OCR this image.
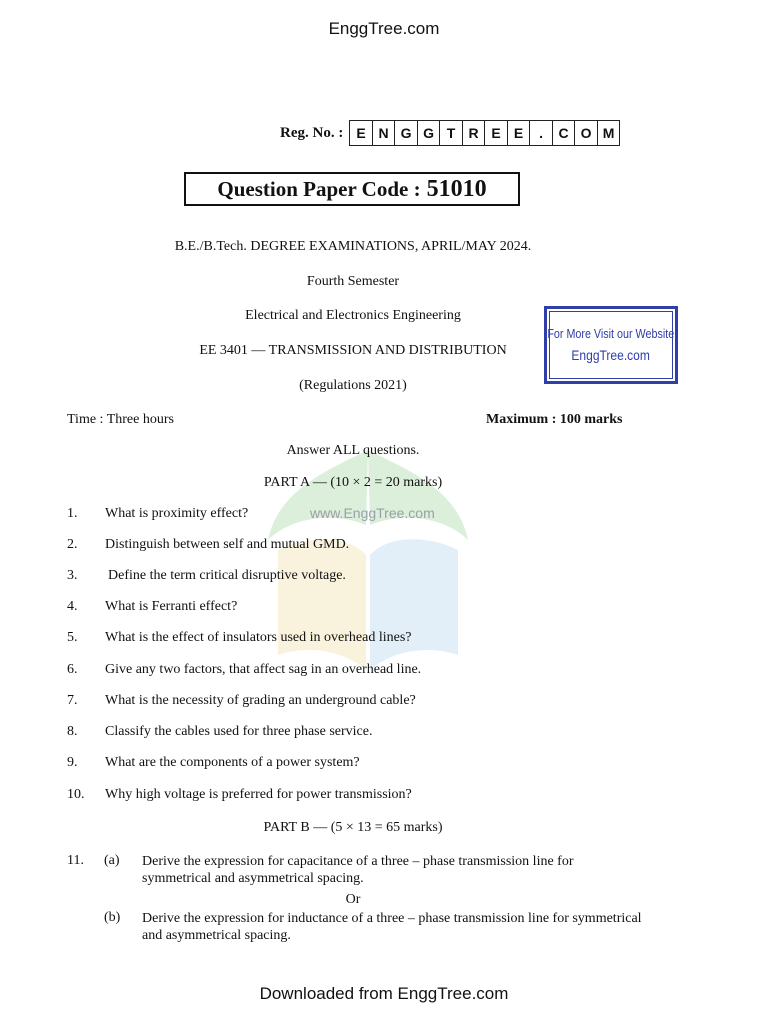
EnggTree.com
Reg. No. : E N G G T R E E	.	C O M
Question Paper Code : 51010
B.E./B.Tech. DEGREE EXAMINATIONS, APRIL/MAY 2024.
Fourth Semester
Electrical and Electronics Engineering
EE 3401 — TRANSMISSION AND DISTRIBUTION
(Regulations 2021)
For More Visit our Website
EnggTree.com
Time : Three hours	Maximum : 100 marks
www.EnggTree.com
Answer ALL questions.
PART A — (10 × 2 = 20 marks)
1. What is proximity effect?
2. Distinguish between self and mutual GMD.
3. Define the term critical disruptive voltage.
4. What is Ferranti effect?
5. What is the effect of insulators used in overhead lines?
6. Give any two factors, that affect sag in an overhead line.
7. What is the necessity of grading an underground cable?
8. Classify the cables used for three phase service.
9. What are the components of a power system?
10. Why high voltage is preferred for power transmission?
PART B — (5 × 13 = 65 marks)
11. (a) Derive the expression for capacitance of a three – phase transmission line for symmetrical and asymmetrical spacing.
Or
(b) Derive the expression for inductance of a three – phase transmission line for symmetrical and asymmetrical spacing.
Downloaded from EnggTree.com
